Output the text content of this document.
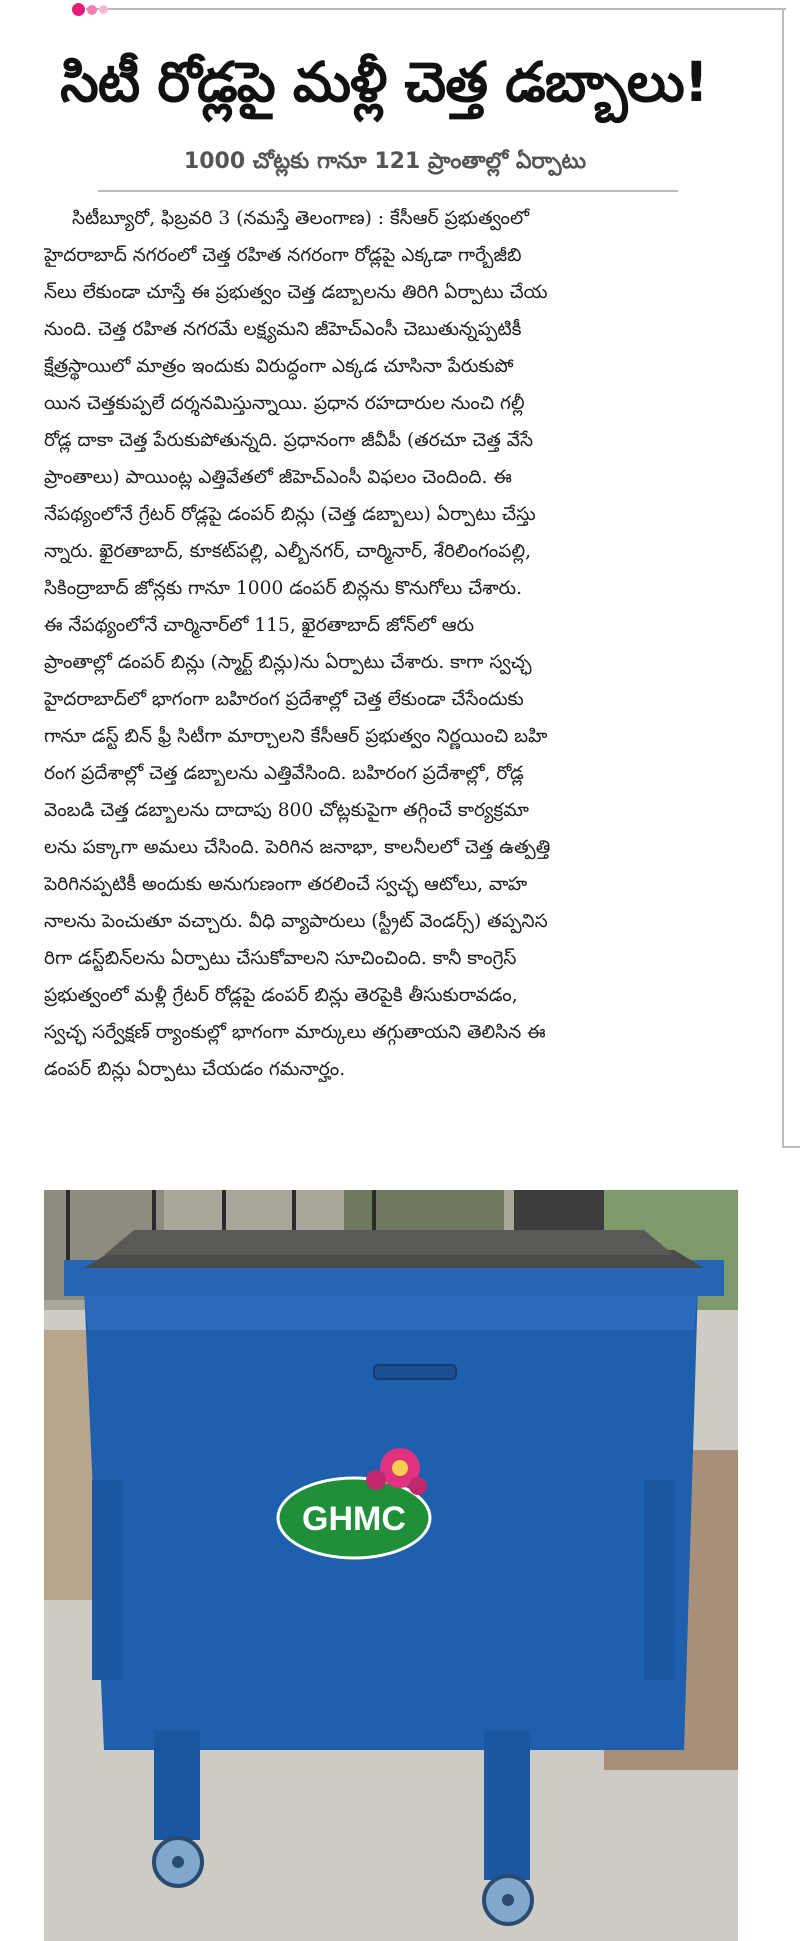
సిటీ రోడ్లపై మళ్లీ చెత్త డబ్బాలు!
1000 చోట్లకు గానూ 121 ప్రాంతాల్లో ఏర్పాటు
సిటీబ్యూరో, ఫిబ్రవరి 3 (నమస్తే తెలంగాణ) : కేసీఆర్ ప్రభుత్వంలో
హైదరాబాద్ నగరంలో చెత్త రహిత నగరంగా రోడ్లపై ఎక్కడా గార్బేజీబి
న్‌లు లేకుండా చూస్తే ఈ ప్రభుత్వం చెత్త డబ్బాలను తిరిగి ఏర్పాటు చేయ
నుంది. చెత్త రహిత నగరమే లక్ష్యమని జీహెచ్‌ఎంసీ చెబుతున్నప్పటికీ
క్షేత్రస్థాయిలో మాత్రం ఇందుకు విరుద్ధంగా ఎక్కడ చూసినా పేరుకుపో
యిన చెత్తకుప్పలే దర్శనమిస్తున్నాయి. ప్రధాన రహదారుల నుంచి గల్లీ
రోడ్ల దాకా చెత్త పేరుకుపోతున్నది. ప్రధానంగా జీవీపీ (తరచూ చెత్త వేసే
ప్రాంతాలు) పాయింట్ల ఎత్తివేతలో జీహెచ్‌ఎంసీ విఫలం చెందింది. ఈ
నేపథ్యంలోనే గ్రేటర్ రోడ్లపై డంపర్ బిన్లు (చెత్త డబ్బాలు) ఏర్పాటు చేస్తు
న్నారు. ఖైరతాబాద్, కూకట్‌పల్లి, ఎల్బీనగర్, చార్మినార్, శేరిలింగంపల్లి,
సికింద్రాబాద్ జోన్లకు గానూ 1000 డంపర్ బిన్లను కొనుగోలు చేశారు.
ఈ నేపథ్యంలోనే చార్మినార్‌లో 115, ఖైరతాబాద్ జోన్‌లో ఆరు
ప్రాంతాల్లో డంపర్ బిన్లు (స్మార్ట్ బిన్లు)ను ఏర్పాటు చేశారు. కాగా స్వచ్ఛ
హైదరాబాద్‌లో భాగంగా బహిరంగ ప్రదేశాల్లో చెత్త లేకుండా చేసేందుకు
గానూ డస్ట్ బిన్ ఫ్రీ సిటీగా మార్చాలని కేసీఆర్ ప్రభుత్వం నిర్ణయించి బహి
రంగ ప్రదేశాల్లో చెత్త డబ్బాలను ఎత్తివేసింది. బహిరంగ ప్రదేశాల్లో, రోడ్ల
వెంబడి చెత్త డబ్బాలను దాదాపు 800 చోట్లకుపైగా తగ్గించే కార్యక్రమా
లను పక్కాగా అమలు చేసింది. పెరిగిన జనాభా, కాలనీలలో చెత్త ఉత్పత్తి
పెరిగినప్పటికీ అందుకు అనుగుణంగా తరలించే స్వచ్ఛ ఆటోలు, వాహ
నాలను పెంచుతూ వచ్చారు. వీధి వ్యాపారులు (స్ట్రీట్ వెండర్స్) తప్పనిస
రిగా డస్ట్‌బిన్‌లను ఏర్పాటు చేసుకోవాలని సూచించింది. కానీ కాంగ్రెస్
ప్రభుత్వంలో మళ్లీ గ్రేటర్ రోడ్లపై డంపర్ బిన్లు తెరపైకి తీసుకురావడం,
స్వచ్ఛ సర్వేక్షణ్ ర్యాంకుల్లో భాగంగా మార్కులు తగ్గుతాయని తెలిసిన ఈ
డంపర్ బిన్లు ఏర్పాటు చేయడం గమనార్హం.
GHMC
